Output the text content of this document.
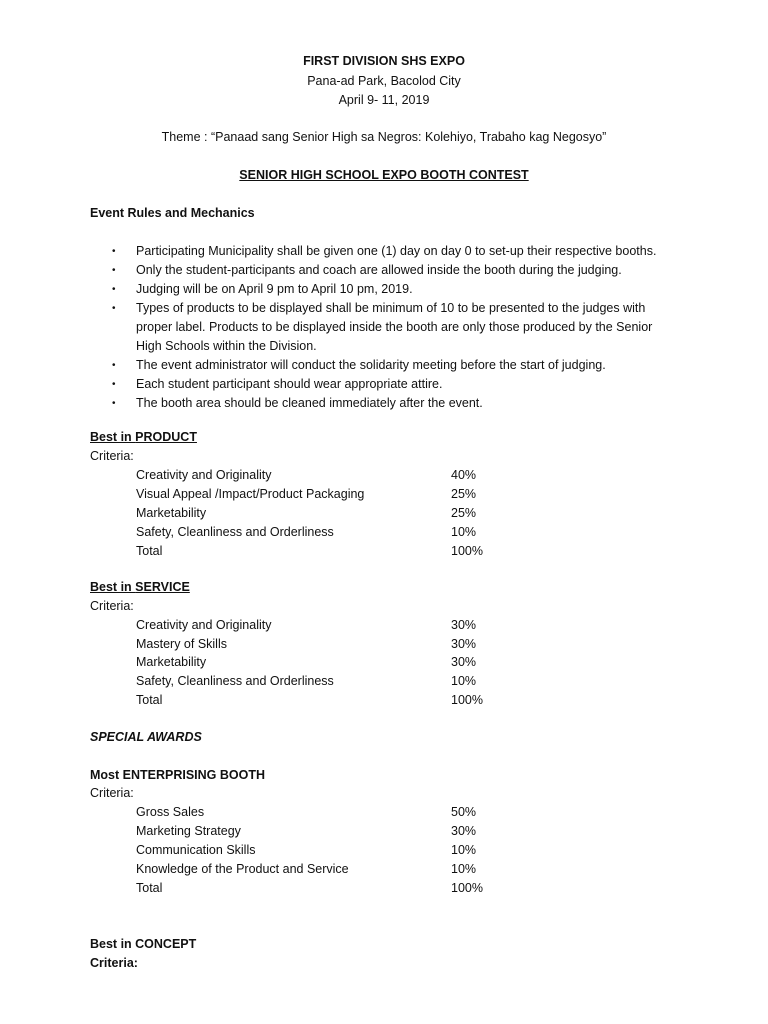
FIRST DIVISION SHS EXPO
Pana-ad Park, Bacolod City
April 9- 11, 2019
Theme : “Panaad sang Senior High sa Negros: Kolehiyo, Trabaho kag Negosyo”
SENIOR HIGH SCHOOL EXPO BOOTH CONTEST
Event Rules and Mechanics
• Participating Municipality shall be given one (1) day on day 0 to set-up their respective booths.
• Only the student-participants and coach are allowed inside the booth during the judging.
• Judging will be on April 9 pm to April 10 pm, 2019.
• Types of products to be displayed shall be minimum of 10 to be presented to the judges with proper label. Products to be displayed inside the booth are only those produced by the Senior High Schools within the Division.
• The event administrator will conduct the solidarity meeting before the start of judging.
• Each student participant should wear appropriate attire.
• The booth area should be cleaned immediately after the event.
Best in PRODUCT
Criteria:
Creativity and Originality	40%
Visual Appeal /Impact/Product Packaging	25%
Marketability	25%
Safety, Cleanliness and Orderliness	10%
Total	100%
Best in SERVICE
Criteria:
Creativity and Originality	30%
Mastery of Skills	30%
Marketability	30%
Safety, Cleanliness and Orderliness	10%
Total	100%
SPECIAL AWARDS
Most ENTERPRISING BOOTH
Criteria:
Gross Sales	50%
Marketing Strategy	30%
Communication Skills	10%
Knowledge of the Product and Service	10%
Total	100%
Best in CONCEPT
Criteria:
